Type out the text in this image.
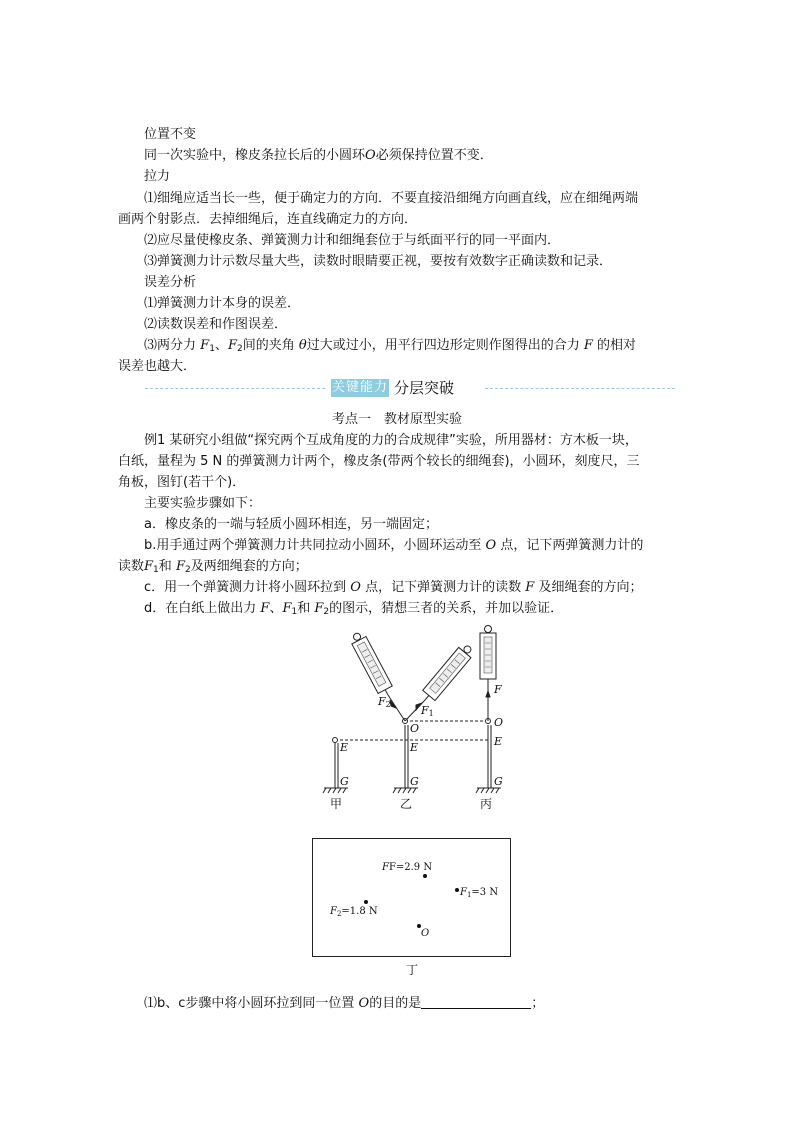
位置不变
同一次实验中，橡皮条拉长后的小圆环O必须保持位置不变．
拉力
⑴细绳应适当长一些，便于确定力的方向．不要直接沿细绳方向画直线，应在细绳两端
画两个射影点．去掉细绳后，连直线确定力的方向．
⑵应尽量使橡皮条、弹簧测力计和细绳套位于与纸面平行的同一平面内．
⑶弹簧测力计示数尽量大些，读数时眼睛要正视，要按有效数字正确读数和记录．
误差分析
⑴弹簧测力计本身的误差．
⑵读数误差和作图误差．
⑶两分力 $F_1$、$F_2$间的夹角 θ过大或过小，用平行四边形定则作图得出的合力 F 的相对
误差也越大．
关键能力 分层突破
考点一　教材原型实验
例1 某研究小组做“探究两个互成角度的力的合成规律”实验，所用器材：方木板一块，
白纸，量程为 5 N 的弹簧测力计两个，橡皮条(带两个较长的细绳套)，小圆环，刻度尺，三
角板，图钉(若干个)．
主要实验步骤如下：
a．橡皮条的一端与轻质小圆环相连，另一端固定；
b.用手通过两个弹簧测力计共同拉动小圆环，小圆环运动至 O 点，记下两弹簧测力计的
读数$F_1$和 $F_2$及两细绳套的方向；
c．用一个弹簧测力计将小圆环拉到 O 点，记下弹簧测力计的读数 F 及细绳套的方向；
d．在白纸上做出力 F、$F_1$和 $F_2$的图示，猜想三者的关系，并加以验证．
F2	F1
F
O	O
E	E	E
G	G	G
甲	乙	丙
FF=2.9 N
$F_1=3$ N
$F_2=1.8$ N
O
丁
⑴b、c步骤中将小圆环拉到同一位置 O的目的是	；
